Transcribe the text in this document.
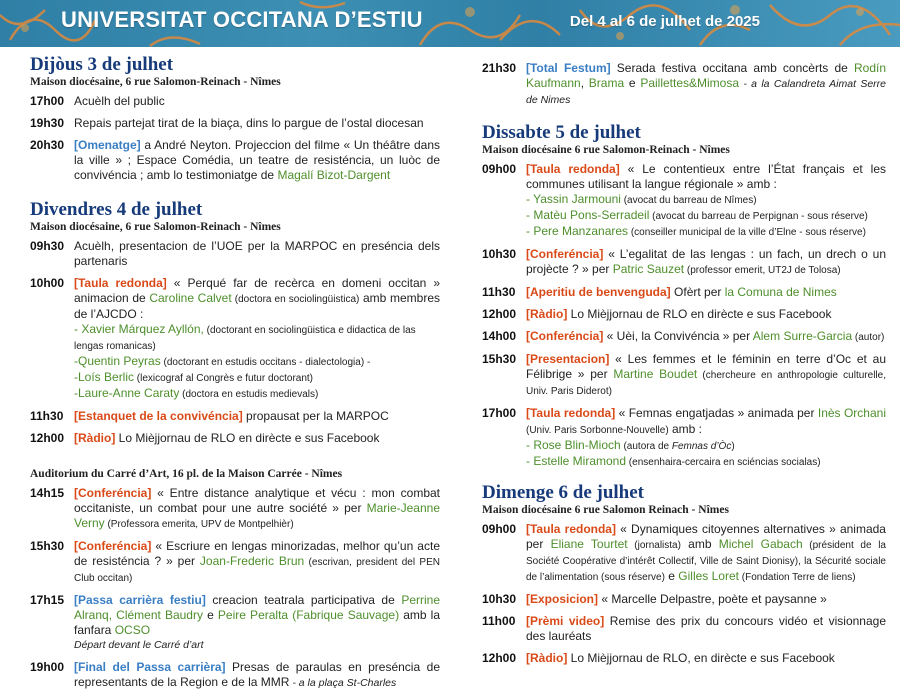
UNIVERSITAT OCCITANA D’ESTIU	Del 4 al 6 de julhet de 2025
Dijòus 3 de julhet
Maison diocésaine, 6 rue Salomon-Reinach - Nîmes
17h00 Acuèlh del public
19h30 Repais partejat tirat de la biaça, dins lo pargue de l’ostal diocesan
20h30 [Omenatge] a André Neyton. Projeccion del filme « Un théâtre dans la ville » ; Espace Comédia, un teatre de resisténcia, un luòc de convivéncia ; amb lo testimoniatge de Magalí Bizot-Dargent
Divendres 4 de julhet
Maison diocésaine, 6 rue Salomon-Reinach - Nîmes
09h30 Acuèlh, presentacion de l’UOE per la MARPOC en preséncia dels partenaris
10h00 [Taula redonda] « Perqué far de recèrca en domeni occitan » animacion de Caroline Calvet (doctora en sociolingüistica) amb membres de l’AJCDO :
- Xavier Márquez Ayllón, (doctorant en sociolingüistica e didactica de las lengas romanicas)
-Quentin Peyras (doctorant en estudis occitans - dialectologia) -
-Loís Berlic (lexicograf al Congrès e futur doctorant)
-Laure-Anne Caraty (doctora en estudis medievals)
11h30 [Estanquet de la convivéncia] propausat per la MARPOC
12h00 [Ràdio] Lo Mièjjornau de RLO en dirècte e sus Facebook
Auditorium du Carré d’Art, 16 pl. de la Maison Carrée - Nîmes
14h15 [Conferéncia] « Entre distance analytique et vécu : mon combat occitaniste, un combat pour une autre société » per Marie-Jeanne Verny (Professora emerita, UPV de Montpelhièr)
15h30 [Conferéncia] « Escriure en lengas minorizadas, melhor qu’un acte de resisténcia ? » per Joan-Frederic Brun (escrivan, president del PEN Club occitan)
17h15 [Passa carrièra festiu] creacion teatrala participativa de Perrine Alranq, Clément Baudry e Peire Peralta (Fabrique Sauvage) amb la fanfara OCSO
Départ devant le Carré d’art
19h00 [Final del Passa carrièra] Presas de paraulas en preséncia de representants de la Region e de la MMR - a la plaça St-Charles
21h30 [Total Festum] Serada festiva occitana amb concèrts de Rodín Kaufmann, Brama e Paillettes&Mimosa - a la Calandreta Aimat Serre de Nimes
Dissabte 5 de julhet
Maison diocésaine 6 rue Salomon-Reinach - Nîmes
09h00 [Taula redonda] « Le contentieux entre l’État français et les communes utilisant la langue régionale » amb :
- Yassin Jarmouni (avocat du barreau de Nîmes)
- Matèu Pons-Serradeil (avocat du barreau de Perpignan - sous réserve)
- Pere Manzanares (conseiller municipal de la ville d’Elne - sous réserve)
10h30 [Conferéncia] « L’egalitat de las lengas : un fach, un drech o un projècte ? » per Patric Sauzet (professor emerit, UT2J de Tolosa)
11h30 [Aperitiu de benvenguda] Ofèrt per la Comuna de Nimes
12h00 [Ràdio] Lo Mièjjornau de RLO en dirècte e sus Facebook
14h00 [Conferéncia] « Uèi, la Convivéncia » per Alem Surre-Garcia (autor)
15h30 [Presentacion] « Les femmes et le féminin en terre d’Oc et au Félibrige » per Martine Boudet (chercheure en anthropologie culturelle, Univ. Paris Diderot)
17h00 [Taula redonda] « Femnas engatjadas » animada per Inès Orchani (Univ. Paris Sorbonne-Nouvelle) amb :
- Rose Blin-Mioch (autora de Femnas d’Òc)
- Estelle Miramond (ensenhaira-cercaira en sciéncias socialas)
Dimenge 6 de julhet
Maison diocésaine 6 rue Salomon Reinach - Nîmes
09h00 [Taula redonda] « Dynamiques citoyennes alternatives » animada per Eliane Tourtet (jornalista) amb Michel Gabach (président de la Société Coopérative d’intérêt Collectif, Ville de Saint Dionisy), la Sécurité sociale de l’alimentation (sous réserve) e Gilles Loret (Fondation Terre de liens)
10h30 [Exposicion] « Marcelle Delpastre, poète et paysanne »
11h00 [Prèmi video] Remise des prix du concours vidéo et visionnage des lauréats
12h00 [Ràdio] Lo Mièjjornau de RLO, en dirècte e sus Facebook
